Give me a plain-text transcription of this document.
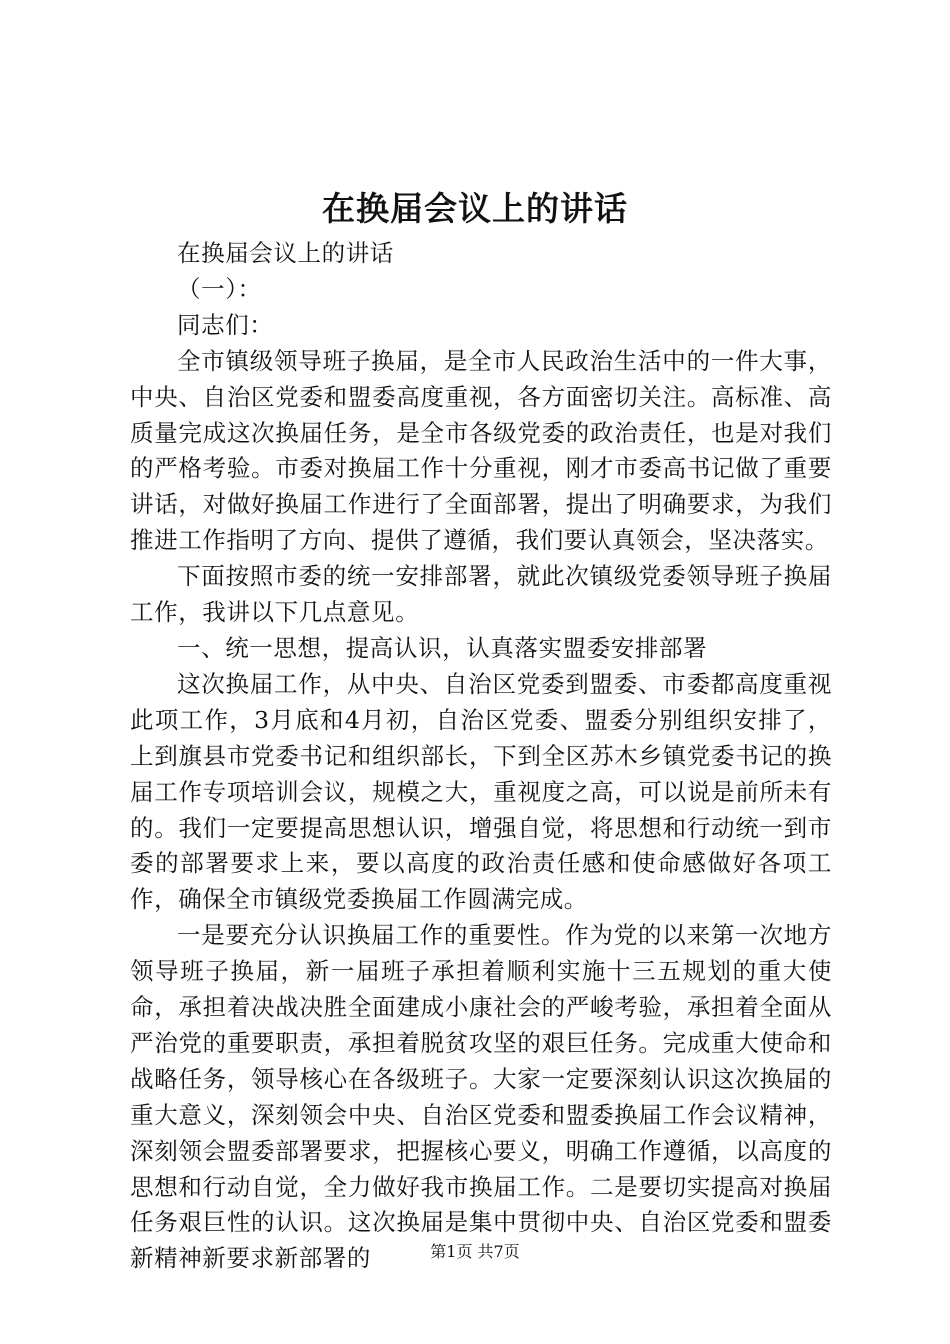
在换届会议上的讲话

在换届会议上的讲话

（一）：

同志们：

全市镇级领导班子换届，是全市人民政治生活中的一件大事，中央、自治区党委和盟委高度重视，各方面密切关注。高标准、高质量完成这次换届任务，是全市各级党委的政治责任，也是对我们的严格考验。市委对换届工作十分重视，刚才市委高书记做了重要讲话，对做好换届工作进行了全面部署，提出了明确要求，为我们推进工作指明了方向、提供了遵循，我们要认真领会，坚决落实。

下面按照市委的统一安排部署，就此次镇级党委领导班子换届工作，我讲以下几点意见。

一、统一思想，提高认识，认真落实盟委安排部署

这次换届工作，从中央、自治区党委到盟委、市委都高度重视此项工作，3月底和4月初，自治区党委、盟委分别组织安排了，上到旗县市党委书记和组织部长，下到全区苏木乡镇党委书记的换届工作专项培训会议，规模之大，重视度之高，可以说是前所未有的。我们一定要提高思想认识，增强自觉，将思想和行动统一到市委的部署要求上来，要以高度的政治责任感和使命感做好各项工作，确保全市镇级党委换届工作圆满完成。

一是要充分认识换届工作的重要性。作为党的以来第一次地方领导班子换届，新一届班子承担着顺利实施十三五规划的重大使命，承担着决战决胜全面建成小康社会的严峻考验，承担着全面从严治党的重要职责，承担着脱贫攻坚的艰巨任务。完成重大使命和战略任务，领导核心在各级班子。大家一定要深刻认识这次换届的重大意义，深刻领会中央、自治区党委和盟委换届工作会议精神，深刻领会盟委部署要求，把握核心要义，明确工作遵循，以高度的思想和行动自觉，全力做好我市换届工作。二是要切实提高对换届任务艰巨性的认识。这次换届是集中贯彻中央、自治区党委和盟委新精神新要求新部署的	第1页 共7页
